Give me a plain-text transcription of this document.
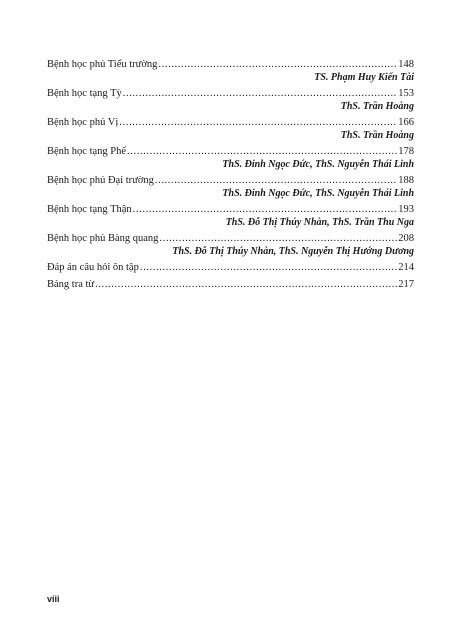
Bệnh học phủ Tiểu trường .....	148
TS. Phạm Huy Kiến Tài
Bệnh học tạng Tỳ .....	153
ThS. Trần Hoàng
Bệnh học phủ Vị .....	166
ThS. Trần Hoàng
Bệnh học tạng Phế .....	178
ThS. Đinh Ngọc Đức, ThS. Nguyễn Thái Linh
Bệnh học phủ Đại trường .....	188
ThS. Đinh Ngọc Đức, ThS. Nguyễn Thái Linh
Bệnh học tạng Thận .....	193
ThS. Đỗ Thị Thúy Nhàn, ThS. Trần Thu Nga
Bệnh học phủ Bàng quang .....	208
ThS. Đỗ Thị Thúy Nhàn, ThS. Nguyễn Thị Hướng Dương
Đáp án câu hỏi ôn tập .....	214
Bảng tra từ .....	217
viii
